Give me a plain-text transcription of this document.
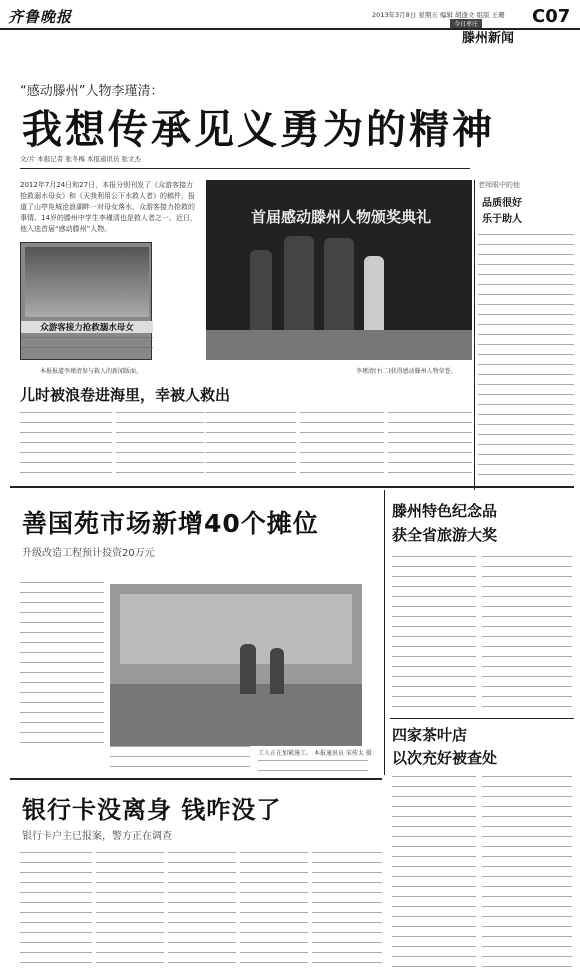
齐鲁晚报	2013年3月8日 星期五 编辑 胡逢文 组版 王珊
今日枣庄
滕州新闻
C07
“感动滕州”人物李瑾清：
我想传承见义勇为的精神
文/片 本报记者 张冬梅 本报通讯员 张文杰
2012年7月24日和27日，本报分别刊发了《众游客接力抢救溺水母女》和《天我利用公下水救人者》的稿件，报道了山亭凫城沧浪湖畔一对母女落水，众游客接力抢救的事情。14岁的滕州中学生李瑾清也是救人者之一。近日，他入选首届“感动滕州”人物。
众游客接力抢救溺水母女
本报报道李瑾清参与救人的新闻版面。
首届感动滕州人物颁奖典礼
李瑾清(右二)获得感动滕州人物荣誉。
儿时被浪卷进海里，幸被人救出
老师眼中的他
品质很好
乐于助人
善国苑市场新增40个摊位
升级改造工程预计投资20万元
工人正在加紧施工。 本报通讯员 宋传太 摄
滕州特色纪念品
获全省旅游大奖
四家茶叶店
以次充好被查处
银行卡没离身 钱咋没了
银行卡户主已报案，警方正在调查
